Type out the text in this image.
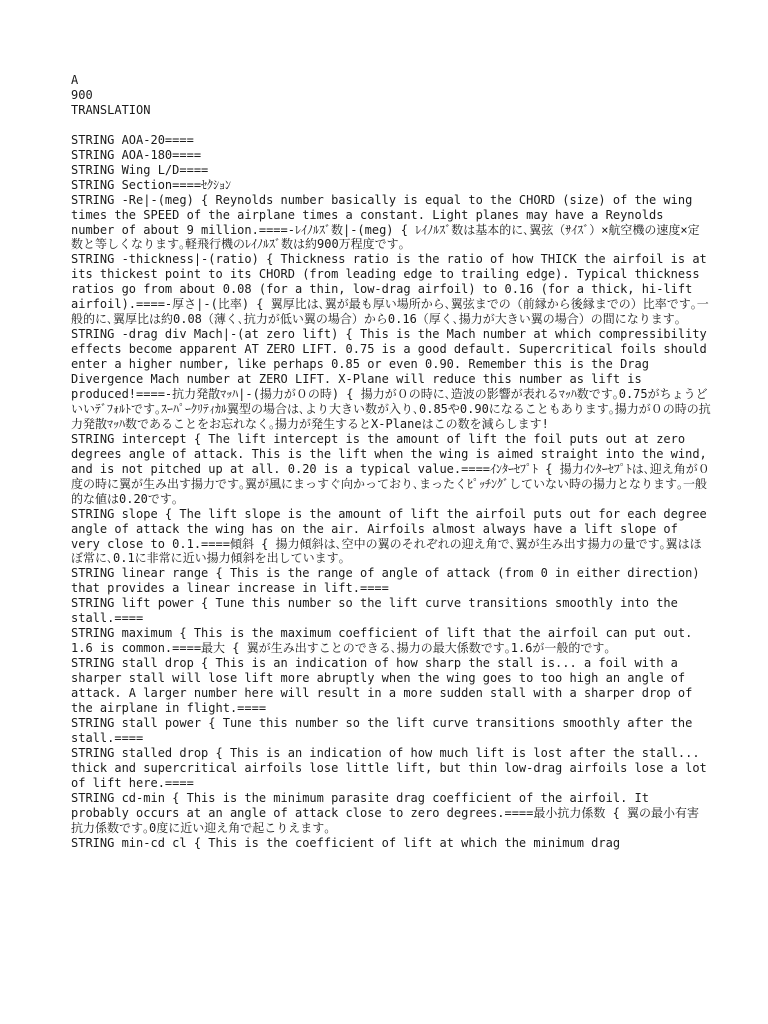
A
900
TRANSLATION
STRING AOA-20====
STRING AOA-180====
STRING Wing L/D====
STRING Section====ｾｸｼｮﾝ
STRING -Re|-(meg) { Reynolds number basically is equal to the CHORD (size) of the wing times the SPEED of the airplane times a constant. Light planes may have a Reynolds number of about 9 million.====-ﾚｲﾉﾙｽﾞ数|-(meg) { ﾚｲﾉﾙｽﾞ数は基本的に､翼弦（ｻｲｽﾞ）×航空機の速度×定数と等しくなります｡軽飛行機のﾚｲﾉﾙｽﾞ数は約900万程度です｡
STRING -thickness|-(ratio) { Thickness ratio is the ratio of how THICK the airfoil is at its thickest point to its CHORD (from leading edge to trailing edge). Typical thickness ratios go from about 0.08 (for a thin, low-drag airfoil) to 0.16 (for a thick, hi-lift airfoil).====-厚さ|-(比率) { 翼厚比は､翼が最も厚い場所から､翼弦までの（前縁から後縁までの）比率です｡一般的に､翼厚比は約0.08（薄く､抗力が低い翼の場合）から0.16（厚く､揚力が大きい翼の場合）の間になります｡
STRING -drag div Mach|-(at zero lift) { This is the Mach number at which compressibility effects become apparent AT ZERO LIFT. 0.75 is a good default. Supercritical foils should enter a higher number, like perhaps 0.85 or even 0.90. Remember this is the Drag Divergence Mach number at ZERO LIFT. X-Plane will reduce this number as lift is produced!====-抗力発散ﾏｯﾊ|-(揚力が０の時) { 揚力が０の時に､造波の影響が表れるﾏｯﾊ数です｡0.75がちょうどいいﾃﾞﾌｫﾙﾄです｡ｽｰﾊﾟｰｸﾘﾃｨｶﾙ翼型の場合は､より大きい数が入り､0.85や0.90になることもあります｡揚力が０の時の抗力発散ﾏｯﾊ数であることをお忘れなく｡揚力が発生するとX-Planeはこの数を減らします!
STRING intercept { The lift intercept is the amount of lift the foil puts out at zero degrees angle of attack. This is the lift when the wing is aimed straight into the wind, and is not pitched up at all. 0.20 is a typical value.====ｲﾝﾀｰｾﾌﾟﾄ { 揚力ｲﾝﾀｰｾﾌﾟﾄは､迎え角が０度の時に翼が生み出す揚力です｡翼が風にまっすぐ向かっており､まったくﾋﾟｯﾁﾝｸﾞしていない時の揚力となります｡一般的な値は0.20です｡
STRING slope { The lift slope is the amount of lift the airfoil puts out for each degree angle of attack the wing has on the air. Airfoils almost always have a lift slope of very close to 0.1.====傾斜 { 揚力傾斜は､空中の翼のそれぞれの迎え角で､翼が生み出す揚力の量です｡翼はほぼ常に､0.1に非常に近い揚力傾斜を出しています｡
STRING linear range { This is the range of angle of attack (from 0 in either direction) that provides a linear increase in lift.====
STRING lift power { Tune this number so the lift curve transitions smoothly into the stall.====
STRING maximum { This is the maximum coefficient of lift that the airfoil can put out. 1.6 is common.====最大 { 翼が生み出すことのできる､揚力の最大係数です｡1.6が一般的です｡
STRING stall drop { This is an indication of how sharp the stall is... a foil with a sharper stall will lose lift more abruptly when the wing goes to too high an angle of attack. A larger number here will result in a more sudden stall with a sharper drop of the airplane in flight.====
STRING stall power { Tune this number so the lift curve transitions smoothly after the stall.====
STRING stalled drop { This is an indication of how much lift is lost after the stall... thick and supercritical airfoils lose little lift, but thin low-drag airfoils lose a lot of lift here.====
STRING cd-min { This is the minimum parasite drag coefficient of the airfoil. It probably occurs at an angle of attack close to zero degrees.====最小抗力係数 { 翼の最小有害抗力係数です｡0度に近い迎え角で起こりえます｡
STRING min-cd cl { This is the coefficient of lift at which the minimum drag
